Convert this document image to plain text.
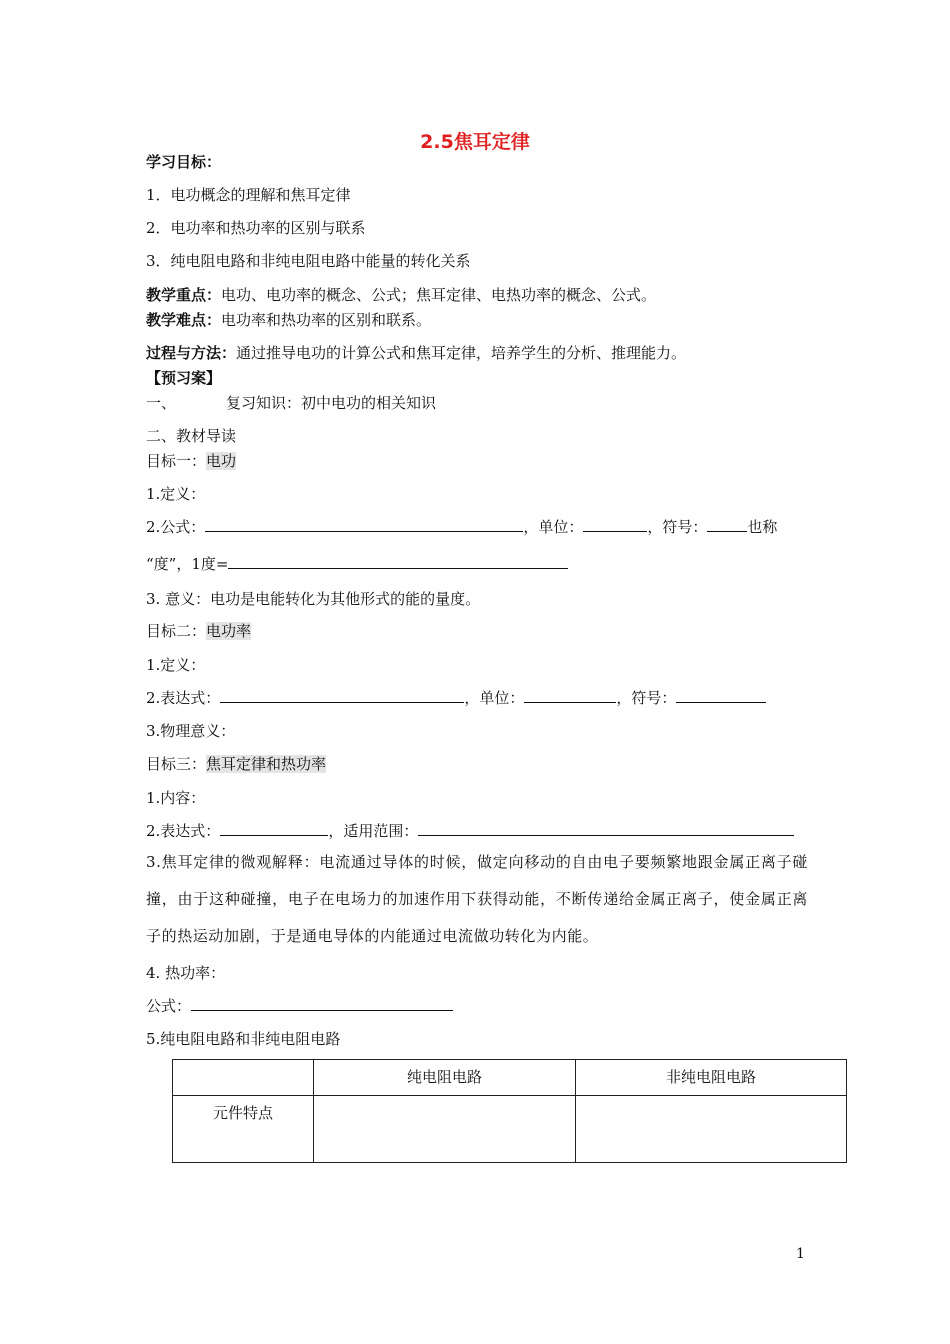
2.5焦耳定律
学习目标：
1．电功概念的理解和焦耳定律
2．电功率和热功率的区别与联系
3．纯电阻电路和非纯电阻电路中能量的转化关系
教学重点：电功、电功率的概念、公式；焦耳定律、电热功率的概念、公式。
教学难点：电功率和热功率的区别和联系。
过程与方法：通过推导电功的计算公式和焦耳定律，培养学生的分析、推理能力。
【预习案】
一、	复习知识：初中电功的相关知识
二、教材导读
目标一：电功
1.定义：
2.公式：	，单位：	，符号：	也称
“度”，1度=
3. 意义：电功是电能转化为其他形式的能的量度。
目标二：电功率
1.定义：
2.表达式：	，单位：	，符号：
3.物理意义：
目标三：焦耳定律和热功率
1.内容：
2.表达式：	，适用范围：
3.焦耳定律的微观解释：电流通过导体的时候，做定向移动的自由电子要频繁地跟金属正离子碰撞，由于这种碰撞，电子在电场力的加速作用下获得动能，不断传递给金属正离子，使金属正离子的热运动加剧，于是通电导体的内能通过电流做功转化为内能。
4. 热功率：
公式：
5.纯电阻电路和非纯电阻电路
	纯电阻电路	非纯电阻电路
元件特点		
1
